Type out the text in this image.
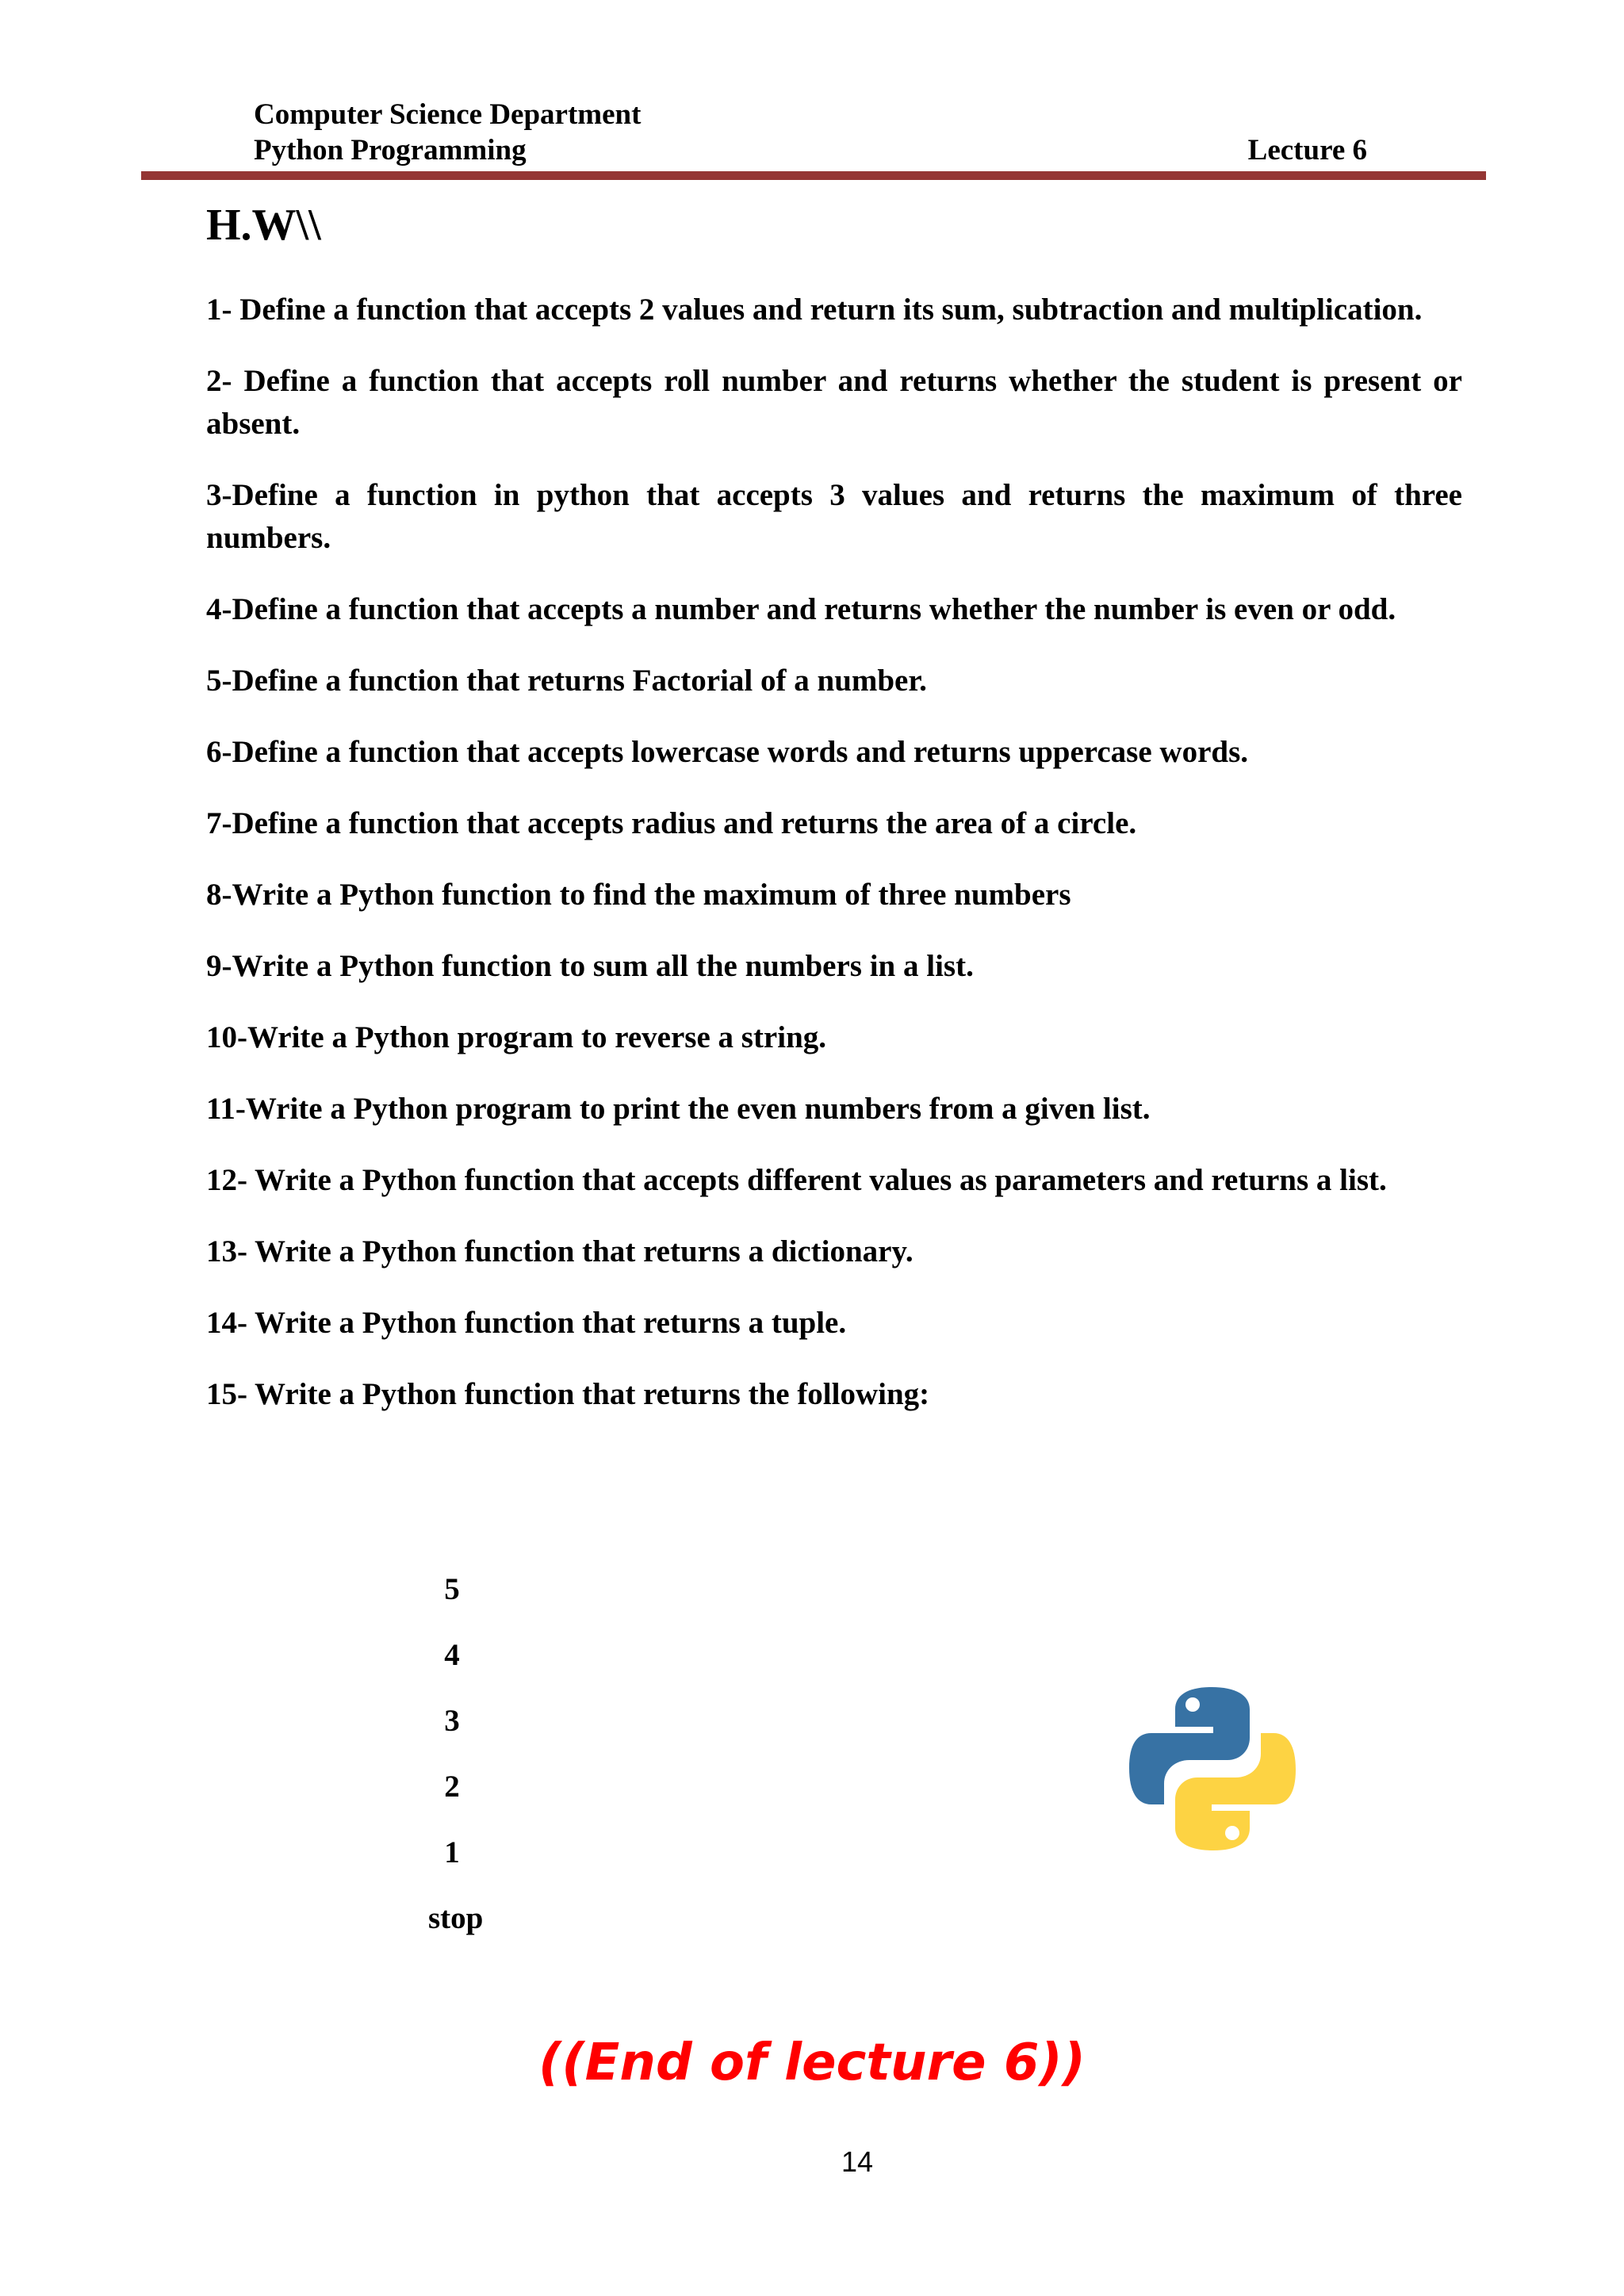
Computer Science Department
Python Programming	Lecture 6
H.W\\

1- Define a function that accepts 2 values and return its sum, subtraction and multiplication.

2- Define a function that accepts roll number and returns whether the student is present or absent.

3-Define a function in python that accepts 3 values and returns the maximum of three numbers.

4-Define a function that accepts a number and returns whether the number is even or odd.

5-Define a function that returns Factorial of a number.

6-Define a function that accepts lowercase words and returns uppercase words.

7-Define a function that accepts radius and returns the area of a circle.

8-Write a Python function to find the maximum of three numbers

9-Write a Python function to sum all the numbers in a list.

10-Write a Python program to reverse a string.

11-Write a Python program to print the even numbers from a given list.

12- Write a Python function that accepts different values as parameters and returns a list.

13- Write a Python function that returns a dictionary.

14- Write a Python function that returns a tuple.

15- Write a Python function that returns the following:

5
4
3
2
1
stop
((End of lecture 6))
14
